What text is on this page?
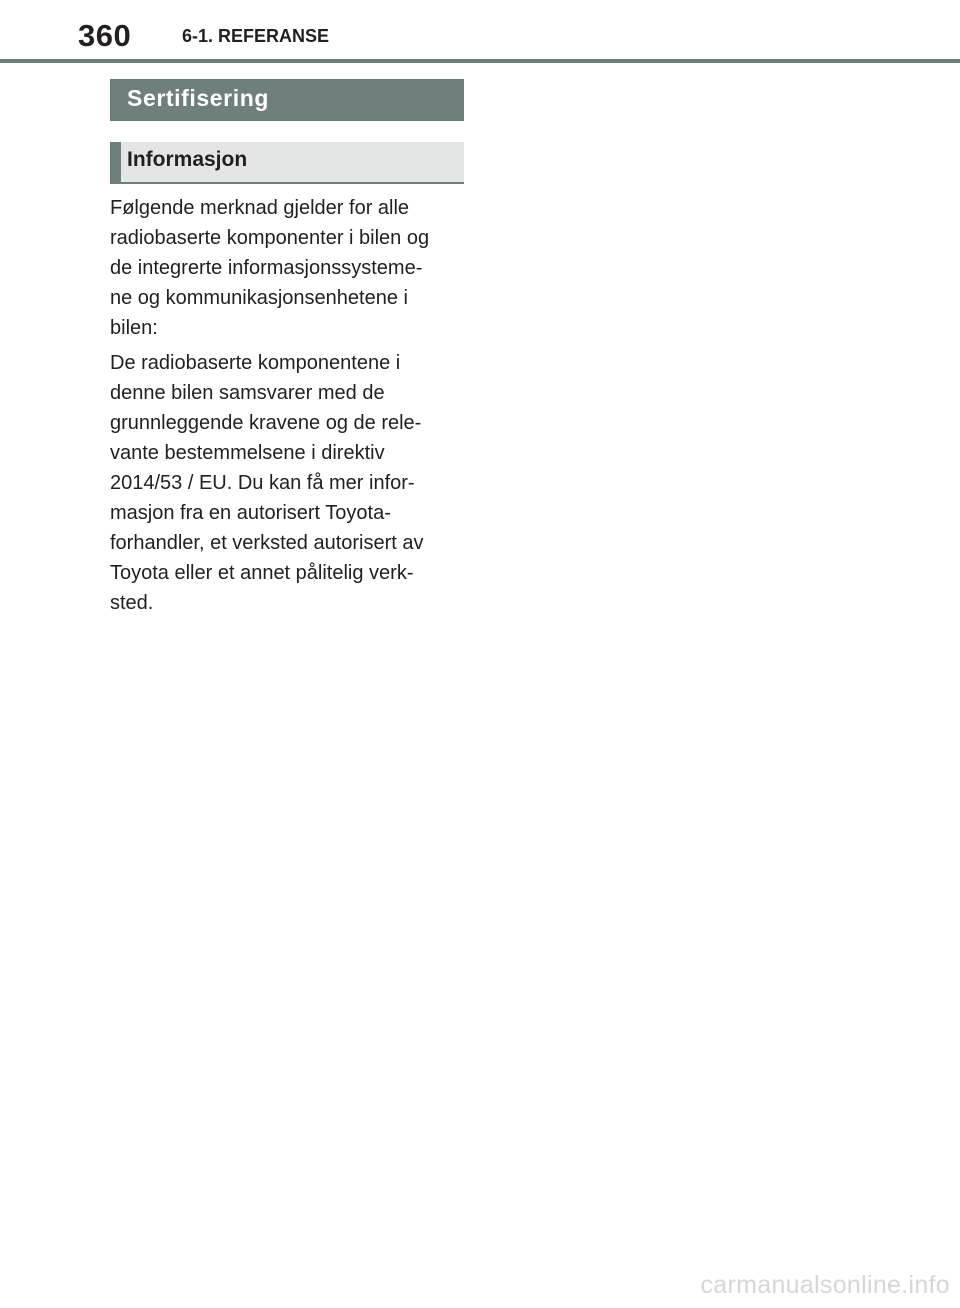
360	6-1. REFERANSE
Sertifisering
Informasjon

Følgende merknad gjelder for alle
radiobaserte komponenter i bilen og
de integrerte informasjonssysteme-
ne og kommunikasjonsenhetene i
bilen:

De radiobaserte komponentene i
denne bilen samsvarer med de
grunnleggende kravene og de rele-
vante bestemmelsene i direktiv
2014/53 / EU. Du kan få mer infor-
masjon fra en autorisert Toyota-
forhandler, et verksted autorisert av
Toyota eller et annet pålitelig verk-
sted.

carmanualsonline.info
